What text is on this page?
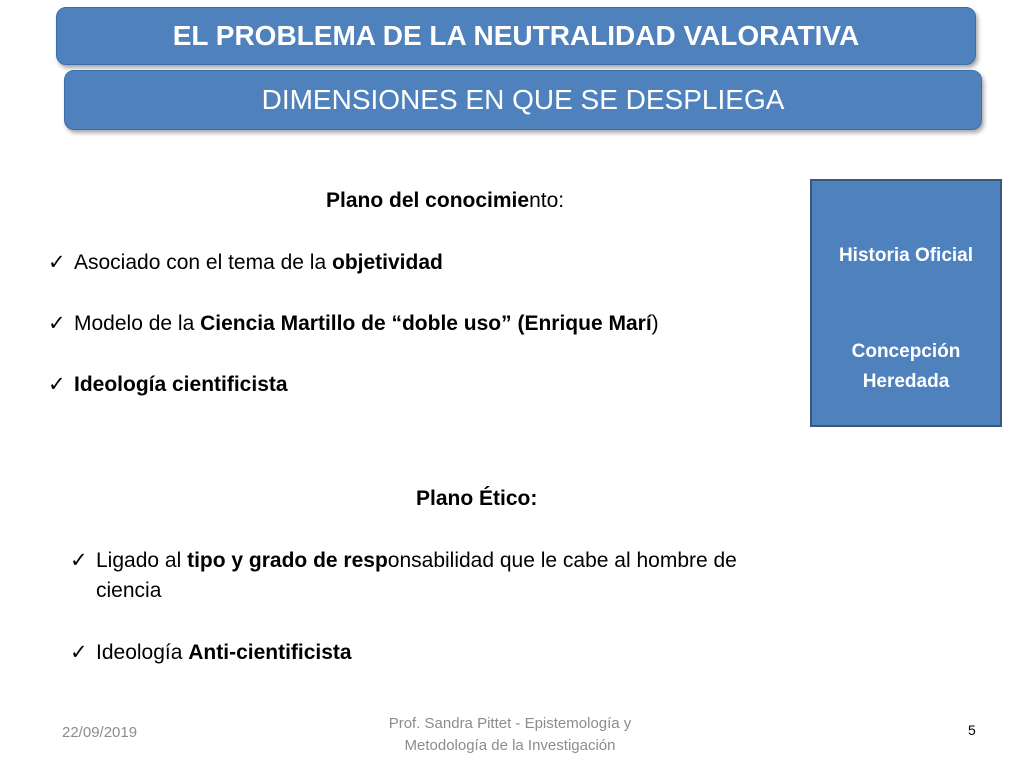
EL PROBLEMA DE LA NEUTRALIDAD VALORATIVA
DIMENSIONES EN QUE SE DESPLIEGA
Historia Oficial
Concepción
Heredada
Plano del conocimiento:
✓ Asociado con el tema de la objetividad
✓ Modelo de la Ciencia Martillo de “doble uso” (Enrique Marí)
✓ Ideología cientificista
Plano Ético:
✓ Ligado al tipo y grado de responsabilidad que le cabe al hombre de
ciencia
✓ Ideología Anti-cientificista
22/09/2019
Prof. Sandra Pittet - Epistemología y
Metodología de la Investigación
5
